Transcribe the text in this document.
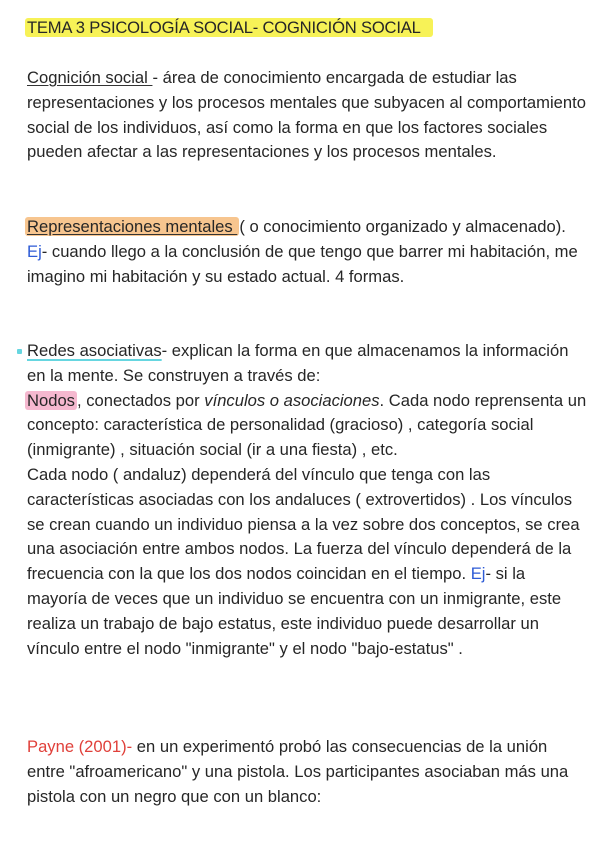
TEMA 3 PSICOLOGÍA SOCIAL- COGNICIÓN SOCIAL

Cognición social - área de conocimiento encargada de estudiar las representaciones y los procesos mentales que subyacen al comportamiento social de los individuos, así como la forma en que los factores sociales pueden afectar a las representaciones y los procesos mentales.

Representaciones mentales ( o conocimiento organizado y almacenado). Ej- cuando llego a la conclusión de que tengo que barrer mi habitación, me imagino mi habitación y su estado actual. 4 formas.

Redes asociativas- explican la forma en que almacenamos la información en la mente. Se construyen a través de:

Nodos , conectados por vínculos o asociaciones. Cada nodo reprensenta un concepto: característica de personalidad (gracioso) , categoría social (inmigrante) , situación social (ir a una fiesta) , etc.

Cada nodo ( andaluz) dependerá del vínculo que tenga con las características asociadas con los andaluces ( extrovertidos) . Los vínculos se crean cuando un individuo piensa a la vez sobre dos conceptos, se crea una asociación entre ambos nodos. La fuerza del vínculo dependerá de la frecuencia con la que los dos nodos coincidan en el tiempo. Ej- si la mayoría de veces que un individuo se encuentra con un inmigrante, este realiza un trabajo de bajo estatus, este individuo puede desarrollar un vínculo entre el nodo "inmigrante" y el nodo "bajo-estatus" .

Payne (2001)- en un experimentó probó las consecuencias de la unión entre "afroamericano" y una pistola. Los participantes asociaban más una pistola con un negro que con un blanco:
